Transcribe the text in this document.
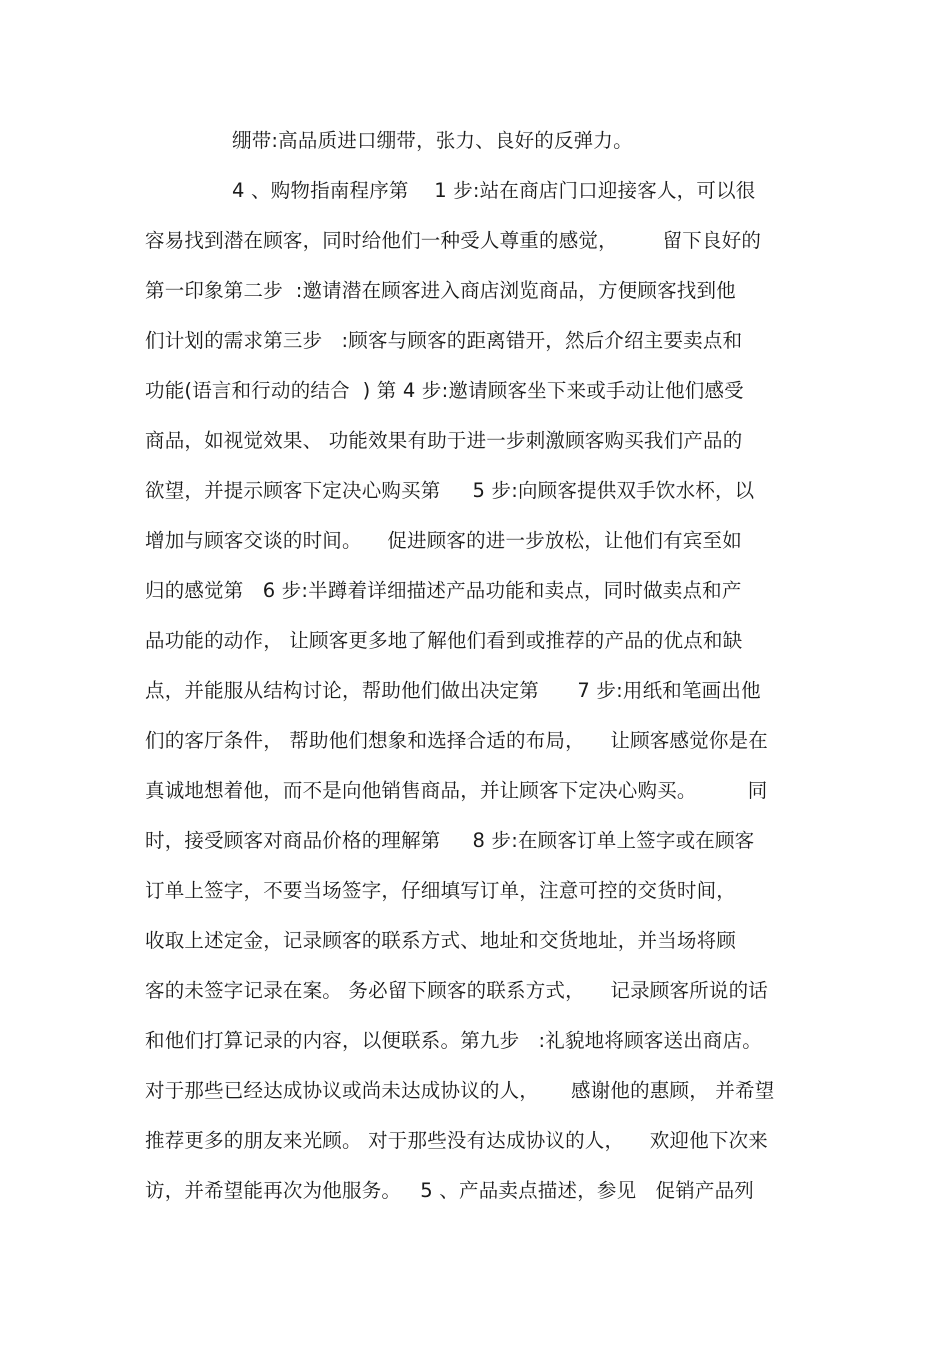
绷带:高品质进口绷带，张力、良好的反弹力。
4 、购物指南程序第    1 步:站在商店门口迎接客人，可以很
容易找到潜在顾客，同时给他们一种受人尊重的感觉，       留下良好的
第一印象第二步  :邀请潜在顾客进入商店浏览商品，方便顾客找到他
们计划的需求第三步   :顾客与顾客的距离错开，然后介绍主要卖点和
功能(语言和行动的结合  ) 第 4 步:邀请顾客坐下来或手动让他们感受
商品，如视觉效果、 功能效果有助于进一步刺激顾客购买我们产品的
欲望，并提示顾客下定决心购买第     5 步:向顾客提供双手饮水杯，以
增加与顾客交谈的时间。    促进顾客的进一步放松，让他们有宾至如
归的感觉第   6 步:半蹲着详细描述产品功能和卖点，同时做卖点和产
品功能的动作， 让顾客更多地了解他们看到或推荐的产品的优点和缺
点，并能服从结构讨论，帮助他们做出决定第      7 步:用纸和笔画出他
们的客厅条件， 帮助他们想象和选择合适的布局，    让顾客感觉你是在
真诚地想着他，而不是向他销售商品，并让顾客下定决心购买。        同
时，接受顾客对商品价格的理解第     8 步:在顾客订单上签字或在顾客
订单上签字，不要当场签字，仔细填写订单，注意可控的交货时间，
收取上述定金，记录顾客的联系方式、地址和交货地址，并当场将顾
客的未签字记录在案。 务必留下顾客的联系方式，    记录顾客所说的话
和他们打算记录的内容，以便联系。第九步   :礼貌地将顾客送出商店。
对于那些已经达成协议或尚未达成协议的人，     感谢他的惠顾， 并希望
推荐更多的朋友来光顾。 对于那些没有达成协议的人，    欢迎他下次来
访，并希望能再次为他服务。   5 、产品卖点描述，参见   促销产品列
